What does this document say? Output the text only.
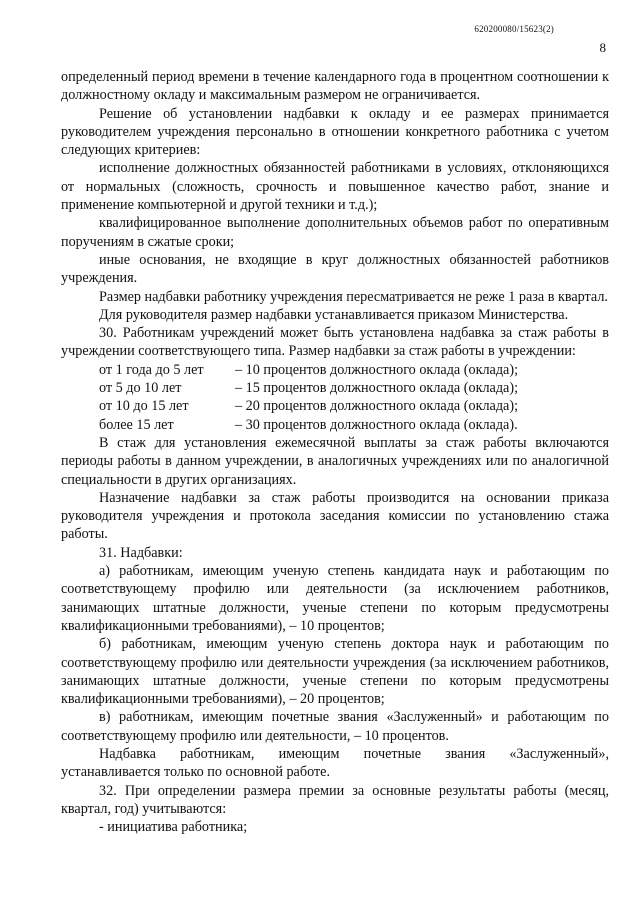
620200080/15623(2)
8

определенный период времени в течение календарного года в процентном соотношении к должностному окладу и максимальным размером не ограничивается.

Решение об установлении надбавки к окладу и ее размерах принимается руководителем учреждения персонально в отношении конкретного работника с учетом следующих критериев:

исполнение должностных обязанностей работниками в условиях, отклоняющихся от нормальных (сложность, срочность и повышенное качество работ, знание и применение компьютерной и другой техники и т.д.);

квалифицированное выполнение дополнительных объемов работ по оперативным поручениям в сжатые сроки;

иные основания, не входящие в круг должностных обязанностей работников учреждения.

Размер надбавки работнику учреждения пересматривается не реже 1 раза в квартал.

Для руководителя размер надбавки устанавливается приказом Министерства.

30. Работникам учреждений может быть установлена надбавка за стаж работы в учреждении соответствующего типа. Размер надбавки за стаж работы в учреждении:

от 1 года до 5 лет	– 10 процентов должностного оклада (оклада);
от 5 до 10 лет	– 15 процентов должностного оклада (оклада);
от 10 до 15 лет	– 20 процентов должностного оклада (оклада);
более 15 лет	– 30 процентов должностного оклада (оклада).

В стаж для установления ежемесячной выплаты за стаж работы включаются периоды работы в данном учреждении, в аналогичных учреждениях или по аналогичной специальности в других организациях.

Назначение надбавки за стаж работы производится на основании приказа руководителя учреждения и протокола заседания комиссии по установлению стажа работы.

31. Надбавки:

а) работникам, имеющим ученую степень кандидата наук и работающим по соответствующему профилю или деятельности (за исключением работников, занимающих штатные должности, ученые степени по которым предусмотрены квалификационными требованиями), – 10 процентов;

б) работникам, имеющим ученую степень доктора наук и работающим по соответствующему профилю или деятельности учреждения (за исключением работников, занимающих штатные должности, ученые степени по которым предусмотрены квалификационными требованиями), – 20 процентов;

в) работникам, имеющим почетные звания «Заслуженный» и работающим по соответствующему профилю или деятельности, – 10 процентов.

Надбавка работникам, имеющим почетные звания «Заслуженный», устанавливается только по основной работе.

32. При определении размера премии за основные результаты работы (месяц, квартал, год) учитываются:

- инициатива работника;
